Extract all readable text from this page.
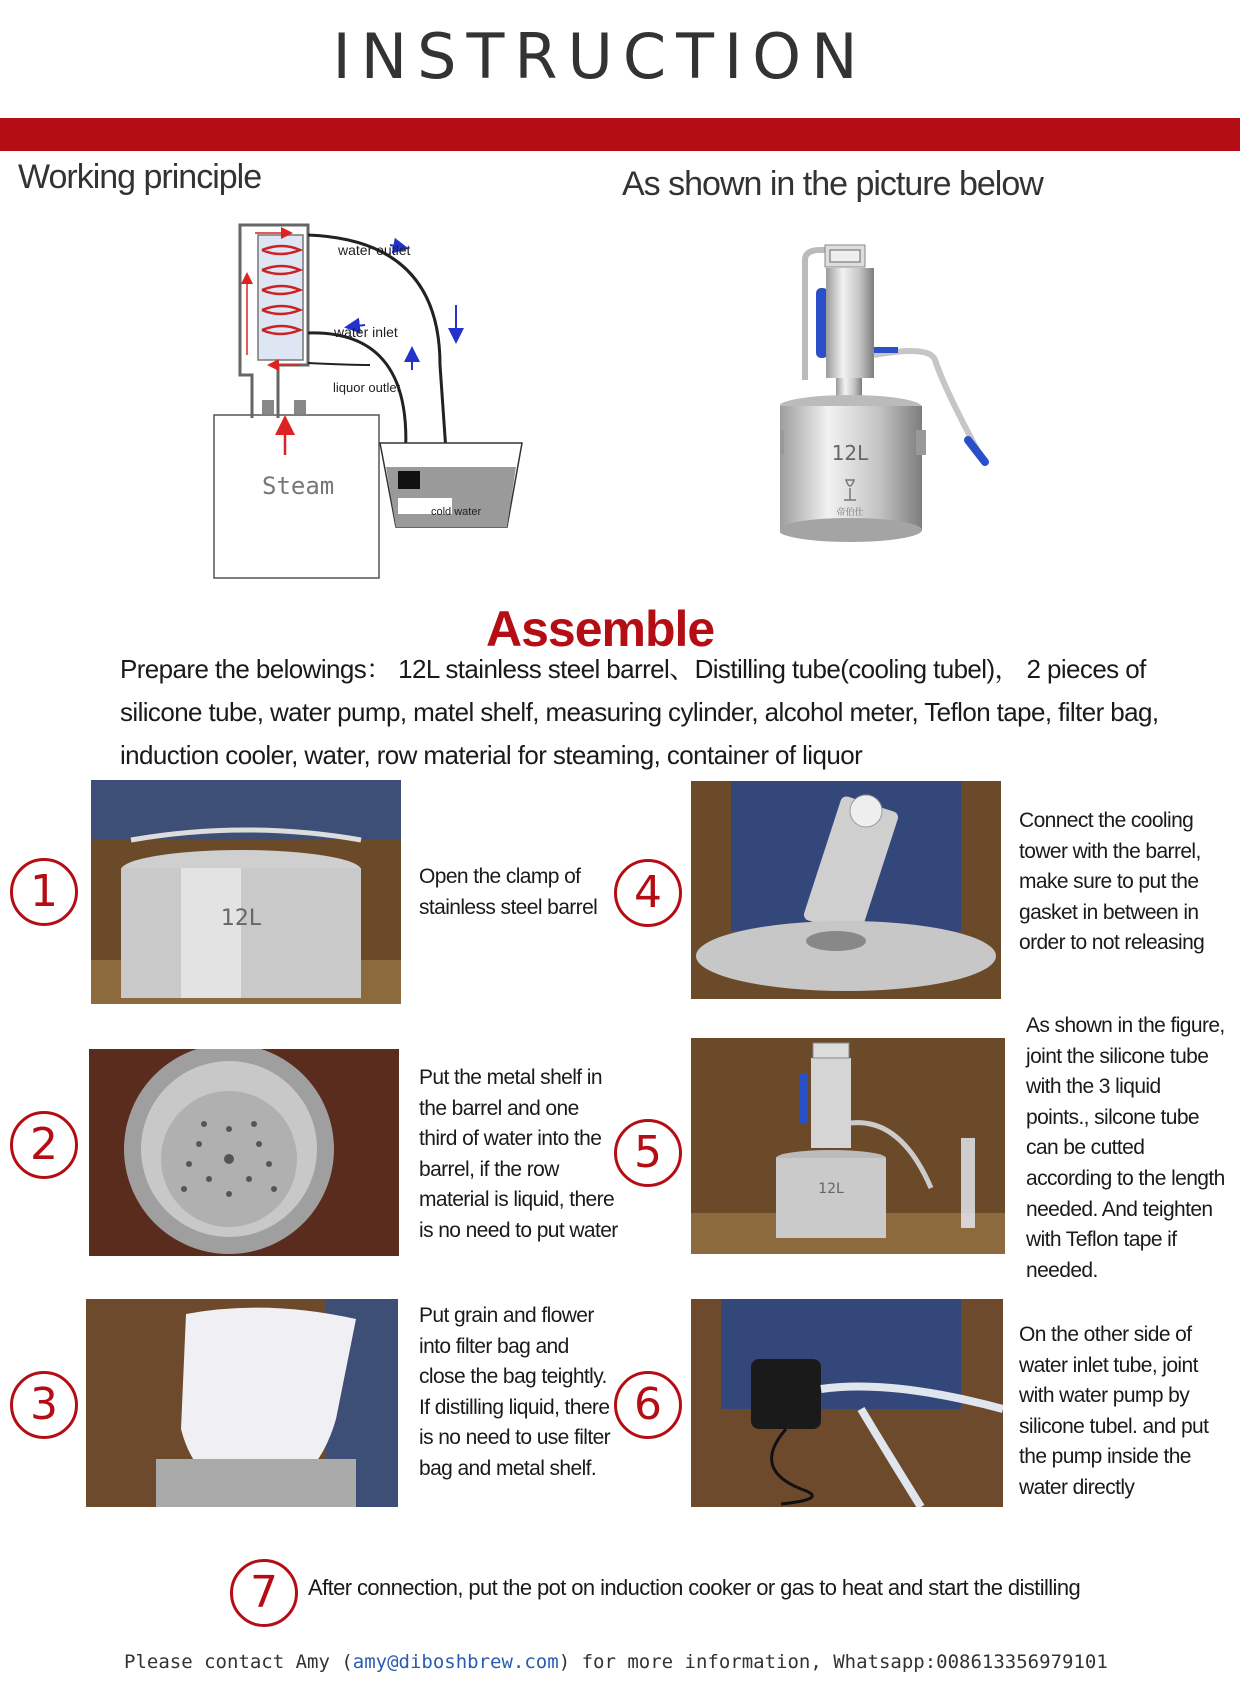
INSTRUCTION
Working principle	As shown in the picture below
water outlet
water inlet
liquor outlet
Steam
cold water
12L
帝伯仕
Assemble
Prepare the belowings： 12L stainless steel barrel、Distilling tube(cooling tubel)， 2 pieces of silicone tube, water pump, matel shelf, measuring cylinder, alcohol meter, Teflon tape, filter bag, induction cooler, water, row material for steaming, container of liquor
1
12L
Open the clamp of stainless steel barrel
2
Put the metal shelf in the barrel and one third of water into the barrel, if the row material is liquid, there is no need to put water
3
Put grain and flower into filter bag and close the bag teightly. If distilling liquid, there is no need to use filter bag and metal shelf.
4
Connect the cooling tower with the barrel, make sure to put the gasket in between in order to not releasing
5
12L
As shown in the figure, joint the silicone tube with the 3 liquid points., silcone tube can be cutted according to the length needed. And teighten with Teflon tape if needed.
6
On the other side of water inlet tube, joint with water pump by silicone tubel. and put the pump inside the water directly
7	After connection, put the pot on induction cooker or gas to heat and start the distilling
Please contact Amy (amy@diboshbrew.com) for more information, Whatsapp:008613356979101
